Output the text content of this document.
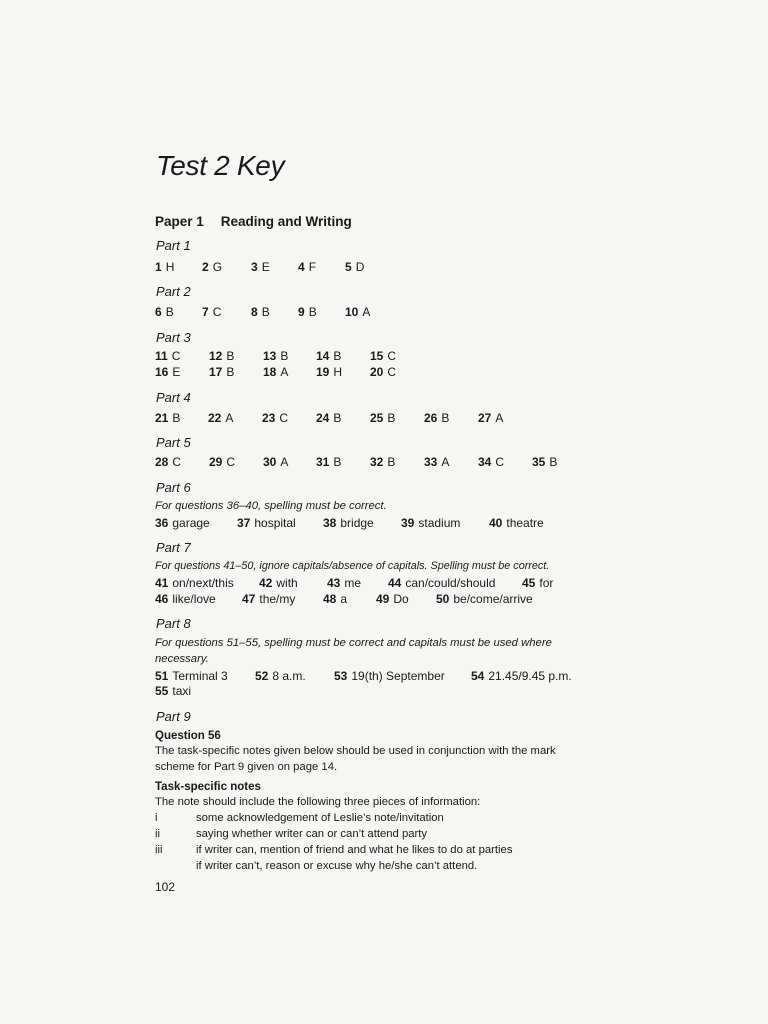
Test 2 Key
Paper 1 Reading and Writing
Part 1
1 H 2 G 3 E 4 F 5 D
Part 2
6 B 7 C 8 B 9 B 10 A
Part 3
11 C 12 B 13 B 14 B 15 C
16 E 17 B 18 A 19 H 20 C
Part 4
21 B 22 A 23 C 24 B 25 B 26 B 27 A
Part 5
28 C 29 C 30 A 31 B 32 B 33 A 34 C 35 B
Part 6
For questions 36–40, spelling must be correct.
36 garage 37 hospital 38 bridge 39 stadium 40 theatre
Part 7
For questions 41–50, ignore capitals/absence of capitals. Spelling must be correct.
41 on/next/this 42 with 43 me 44 can/could/should 45 for
46 like/love 47 the/my 48 a 49 Do 50 be/come/arrive
Part 8
For questions 51–55, spelling must be correct and capitals must be used where
necessary.
51 Terminal 3 52 8 a.m. 53 19(th) September 54 21.45/9.45 p.m.
55 taxi
Part 9
Question 56
The task-specific notes given below should be used in conjunction with the mark
scheme for Part 9 given on page 14.
Task-specific notes
The note should include the following three pieces of information:
i	some acknowledgement of Leslie’s note/invitation
ii	saying whether writer can or can’t attend party
iii	if writer can, mention of friend and what he likes to do at parties
if writer can’t, reason or excuse why he/she can’t attend.
102
